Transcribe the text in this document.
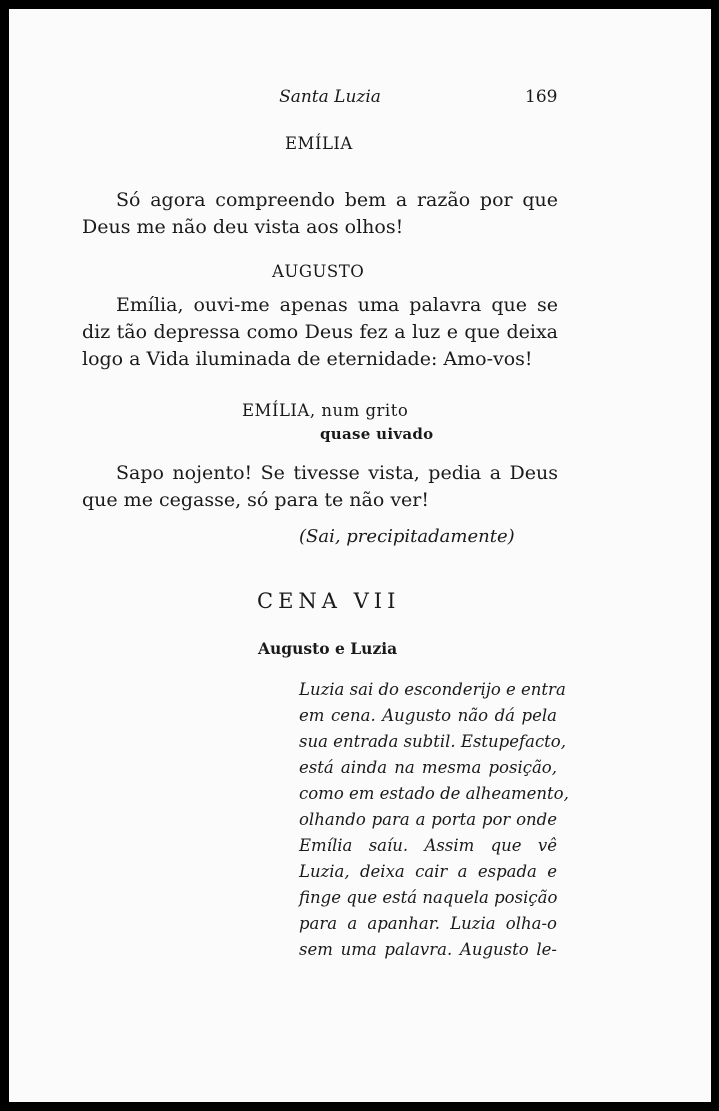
Santa Luzia	169
EMÍLIA

Só agora compreendo bem a razão por que Deus me não deu vista aos olhos!

AUGUSTO

Emília, ouvi-me apenas uma palavra que se diz tão depressa como Deus fez a luz e que deixa logo a Vida iluminada de eternidade: Amo-vos!

EMÍLIA, num grito
quase uivado

Sapo nojento! Se tivesse vista, pedia a Deus que me cegasse, só para te não ver!

(Sai, precipitadamente)
CENA VII
Augusto e Luzia
Luzia sai do esconderijo e entra
em cena. Augusto não dá pela
sua entrada subtil. Estupefacto,
está ainda na mesma posição,
como em estado de alheamento,
olhando para a porta por onde
Emília saíu. Assim que vê
Luzia, deixa cair a espada e
finge que está naquela posição
para a apanhar. Luzia olha-o
sem uma palavra. Augusto le-
